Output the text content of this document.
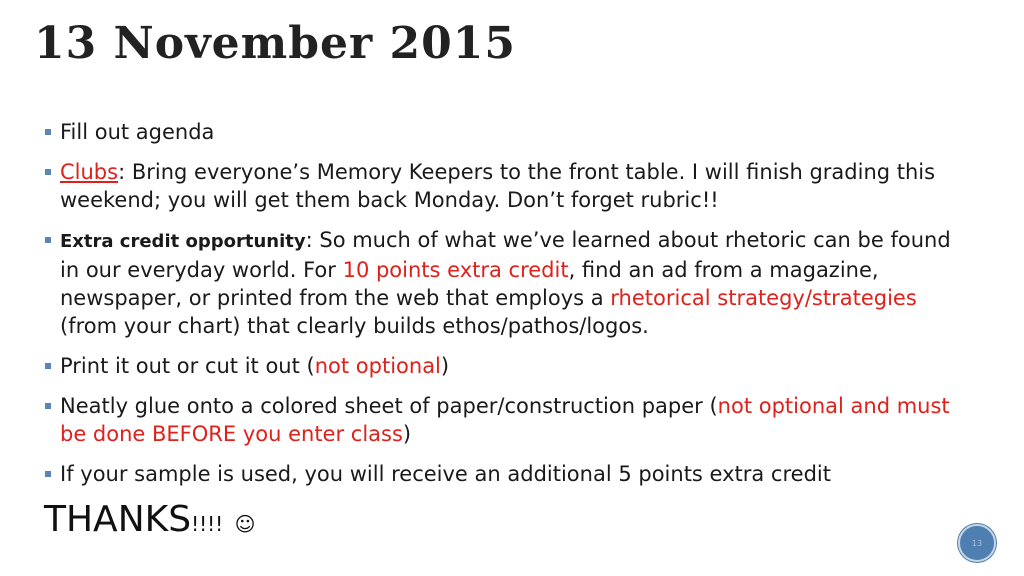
13 November 2015
Fill out agenda
Clubs: Bring everyone’s Memory Keepers to the front table. I will finish grading this weekend; you will get them back Monday. Don’t forget rubric!!
Extra credit opportunity: So much of what we’ve learned about rhetoric can be found in our everyday world. For 10 points extra credit, find an ad from a magazine, newspaper, or printed from the web that employs a rhetorical strategy/strategies (from your chart) that clearly builds ethos/pathos/logos.
Print it out or cut it out (not optional)
Neatly glue onto a colored sheet of paper/construction paper (not optional and must be done BEFORE you enter class)
If your sample is used, you will receive an additional 5 points extra credit
THANKS!!!! ☺
13
